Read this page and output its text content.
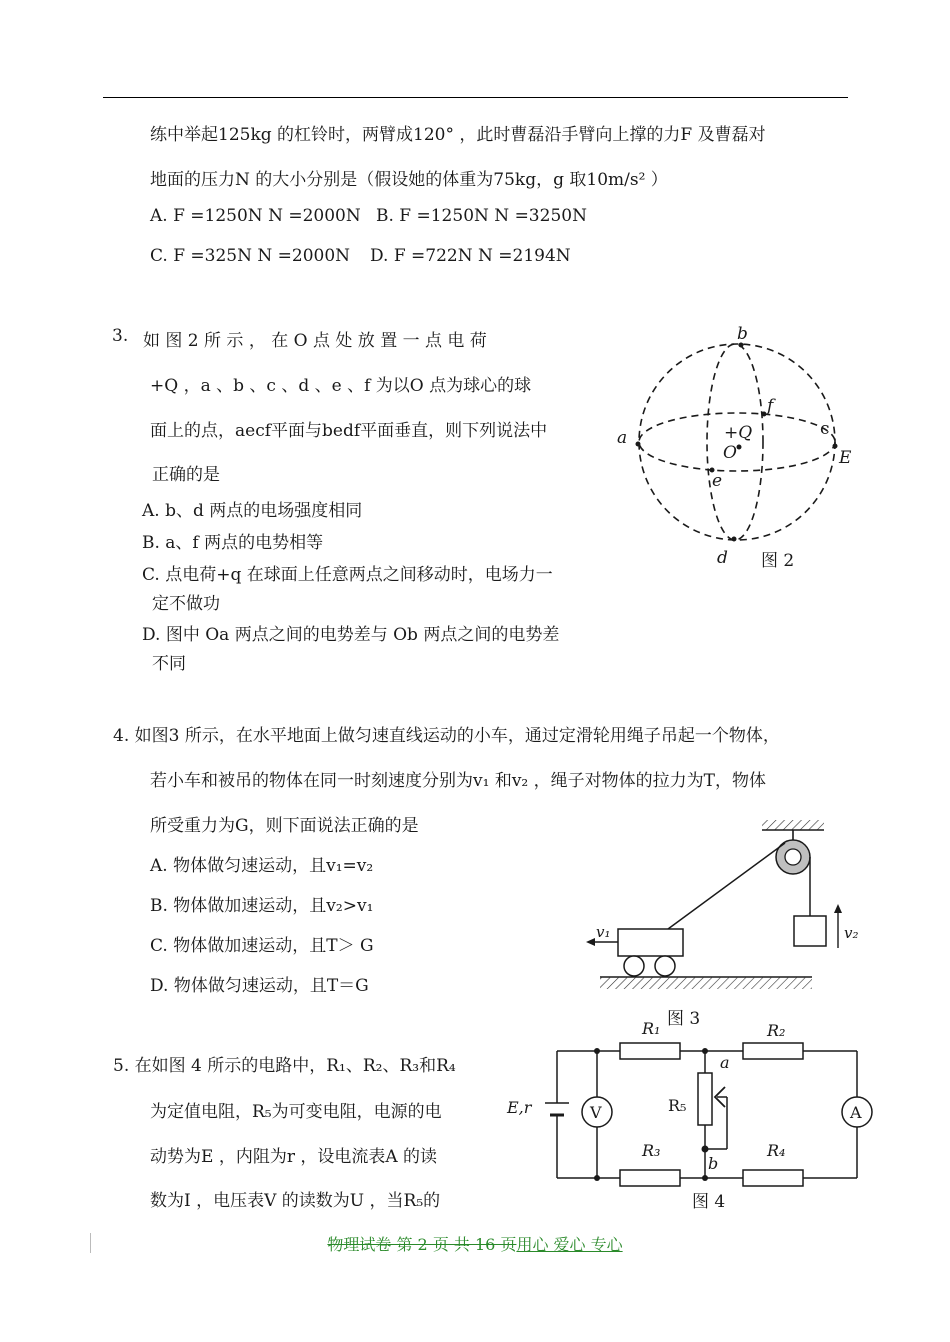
练中举起125kg 的杠铃时，两臂成120° ，此时曹磊沿手臂向上撑的力F 及曹磊对
地面的压力N 的大小分别是（假设她的体重为75kg，g 取10m/s² ）
A. F =1250N N =2000N B. F =1250N N =3250N
C. F =325N N =2000N D. F =722N N =2194N
3. 如 图 2 所 示 ， 在 O 点 处 放 置 一 点 电 荷
+Q ，a 、b 、c 、d 、e 、f 为以O 点为球心的球
面上的点，aecf平面与bedf平面垂直，则下列说法中
正确的是
A. b、d 两点的电场强度相同
B. a、f 两点的电势相等
C. 点电荷+q 在球面上任意两点之间移动时，电场力一
定不做功
D. 图中 Oa 两点之间的电势差与 Ob 两点之间的电势差
不同
b
a	c
E
d
e
f
+Q
O
图 2
4. 如图3 所示，在水平地面上做匀速直线运动的小车，通过定滑轮用绳子吊起一个物体，
若小车和被吊的物体在同一时刻速度分别为v₁ 和v₂ ，绳子对物体的拉力为T，物体
所受重力为G，则下面说法正确的是
A. 物体做匀速运动，且v₁=v₂
B. 物体做加速运动，且v₂>v₁
C. 物体做加速运动，且T＞ G
D. 物体做匀速运动，且T＝G
v₁	v₂
图 3
5. 在如图 4 所示的电路中，R₁、R₂、R₃和R₄
为定值电阻，R₅为可变电阻，电源的电
动势为E ，内阻为r ，设电流表A 的读
数为I ，电压表V 的读数为U ，当R₅的
V	A
R₅
R₁	R₂
R₃	R₄
a
b
E,r
图 4
物理试卷 第 2 页 共 16 页用心 爱心 专心
